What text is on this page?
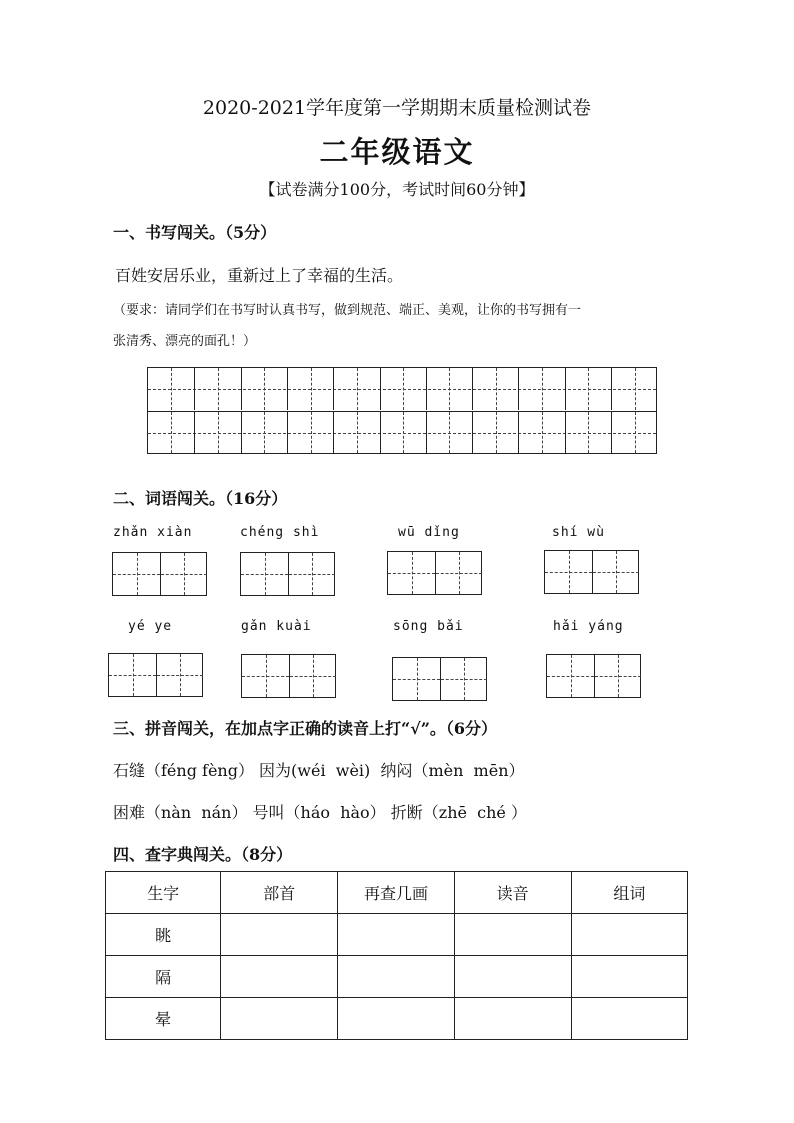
2020-2021学年度第一学期期末质量检测试卷
二年级语文
【试卷满分100分，考试时间60分钟】
一、书写闯关。（5分）
百姓安居乐业，重新过上了幸福的生活。
（要求：请同学们在书写时认真书写，做到规范、端正、美观，让你的书写拥有一
张清秀、漂亮的面孔！）
二、词语闯关。（16分）
zhǎn xiàn	chéng shì	wū dǐng	shí wù
yé ye	gǎn kuài	sōng bǎi	hǎi yáng
三、拼音闯关，在加点字正确的读音上打“√”。（6分）
石缝（féng fèng） 因为(wéi  wèi)  纳闷（mèn  mēn）
困难（nàn  nán） 号叫（háo  hào） 折断（zhē  ché ）
四、查字典闯关。（8分）
生字	部首	再查几画	读音	组词
眺				
隔				
晕				
